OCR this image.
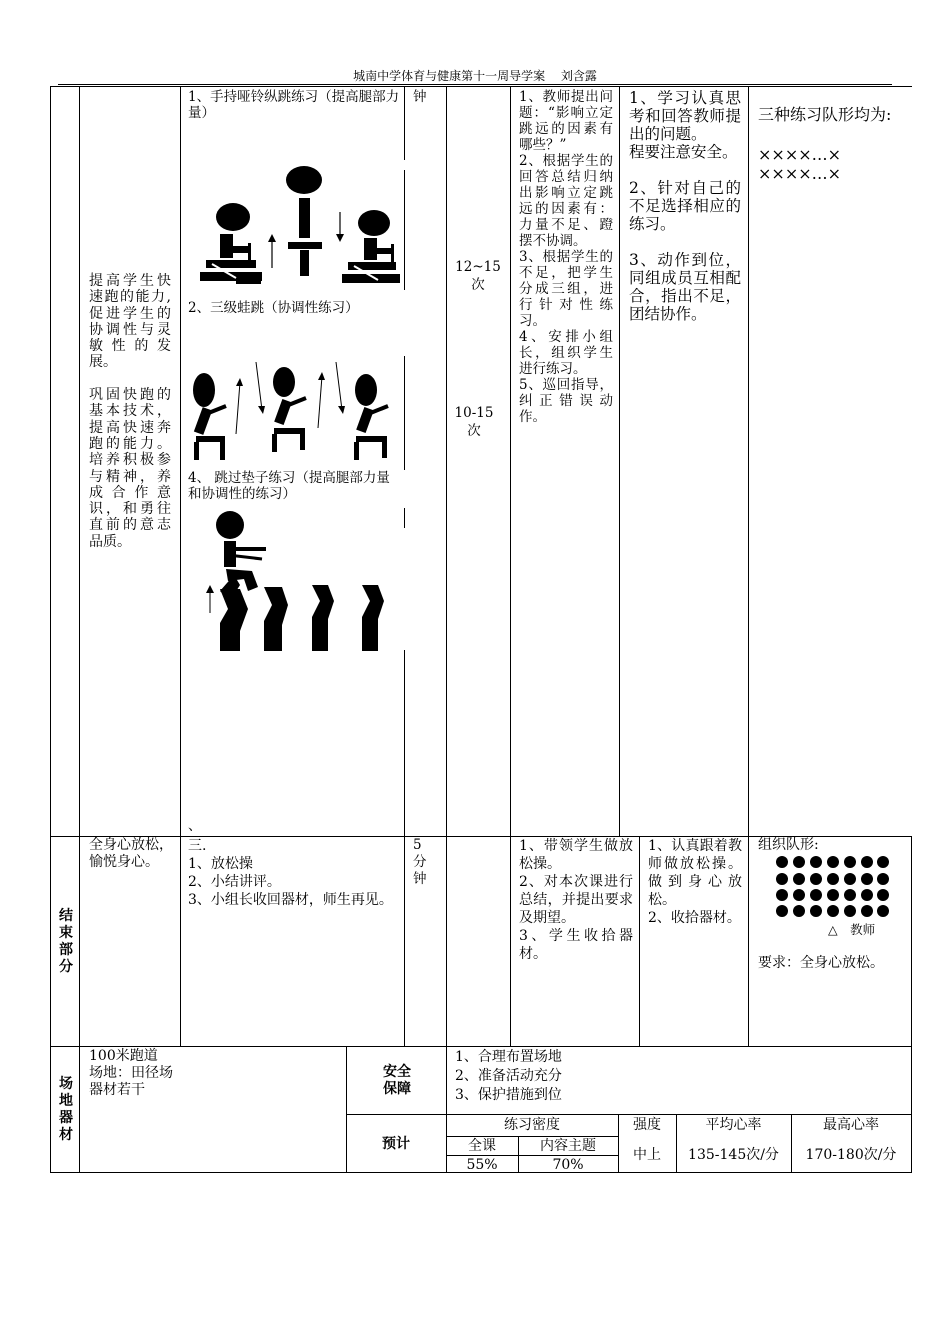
城南中学体育与健康第十一周导学案　 刘含露
提高学生快速跑的能力,促进学生的协调性与灵敏性的发展。

巩固快跑的基本技术，提高快速奔跑的能力。培养积极参与精神，养成合作意识，和勇往直前的意志品质。
1、手持哑铃纵跳练习（提高腿部力量）
2、三级蛙跳（协调性练习）
4、 跳过垫子练习（提高腿部力量和协调性的练习）
、
钟
12~15
次
10-15
次
1、教师提出问题：“影响立定跳远的因素有哪些？”
2、根据学生的回答总结归纳出影响立定跳远的因素有：力量不足、蹬摆不协调。
3、根据学生的不足，把学生分成三组，进行针对性练习。
4、安排小组长，组织学生进行练习。
5、巡回指导，纠正错误动作。
1、学习认真思考和回答教师提出的问题。
程要注意安全。

2、针对自己的不足选择相应的练习。

3、动作到位，同组成员互相配合，指出不足，团结协作。
三种练习队形均为:
××××…×
××××…×
结束部分
全身心放松，愉悦身心。
三.
1、放松操
2、小结讲评。
3、小组长收回器材，师生再见。
5
分
钟
1、带领学生做放松操。
2、对本次课进行总结，并提出要求及期望。
3、学生收拾器材。
1、认真跟着教师做放松操。做到身心放松。
2、收拾器材。
组织队形:
△　教师
要求：全身心放松。
场地器材
100米跑道
场地：田径场
器材若干
安全
保障
1、合理布置场地
2、准备活动充分
3、保护措施到位
预计
练习密度
全课	内容主题
55%	70%
强度
中上
平均心率
135-145次/分
最高心率
170-180次/分
